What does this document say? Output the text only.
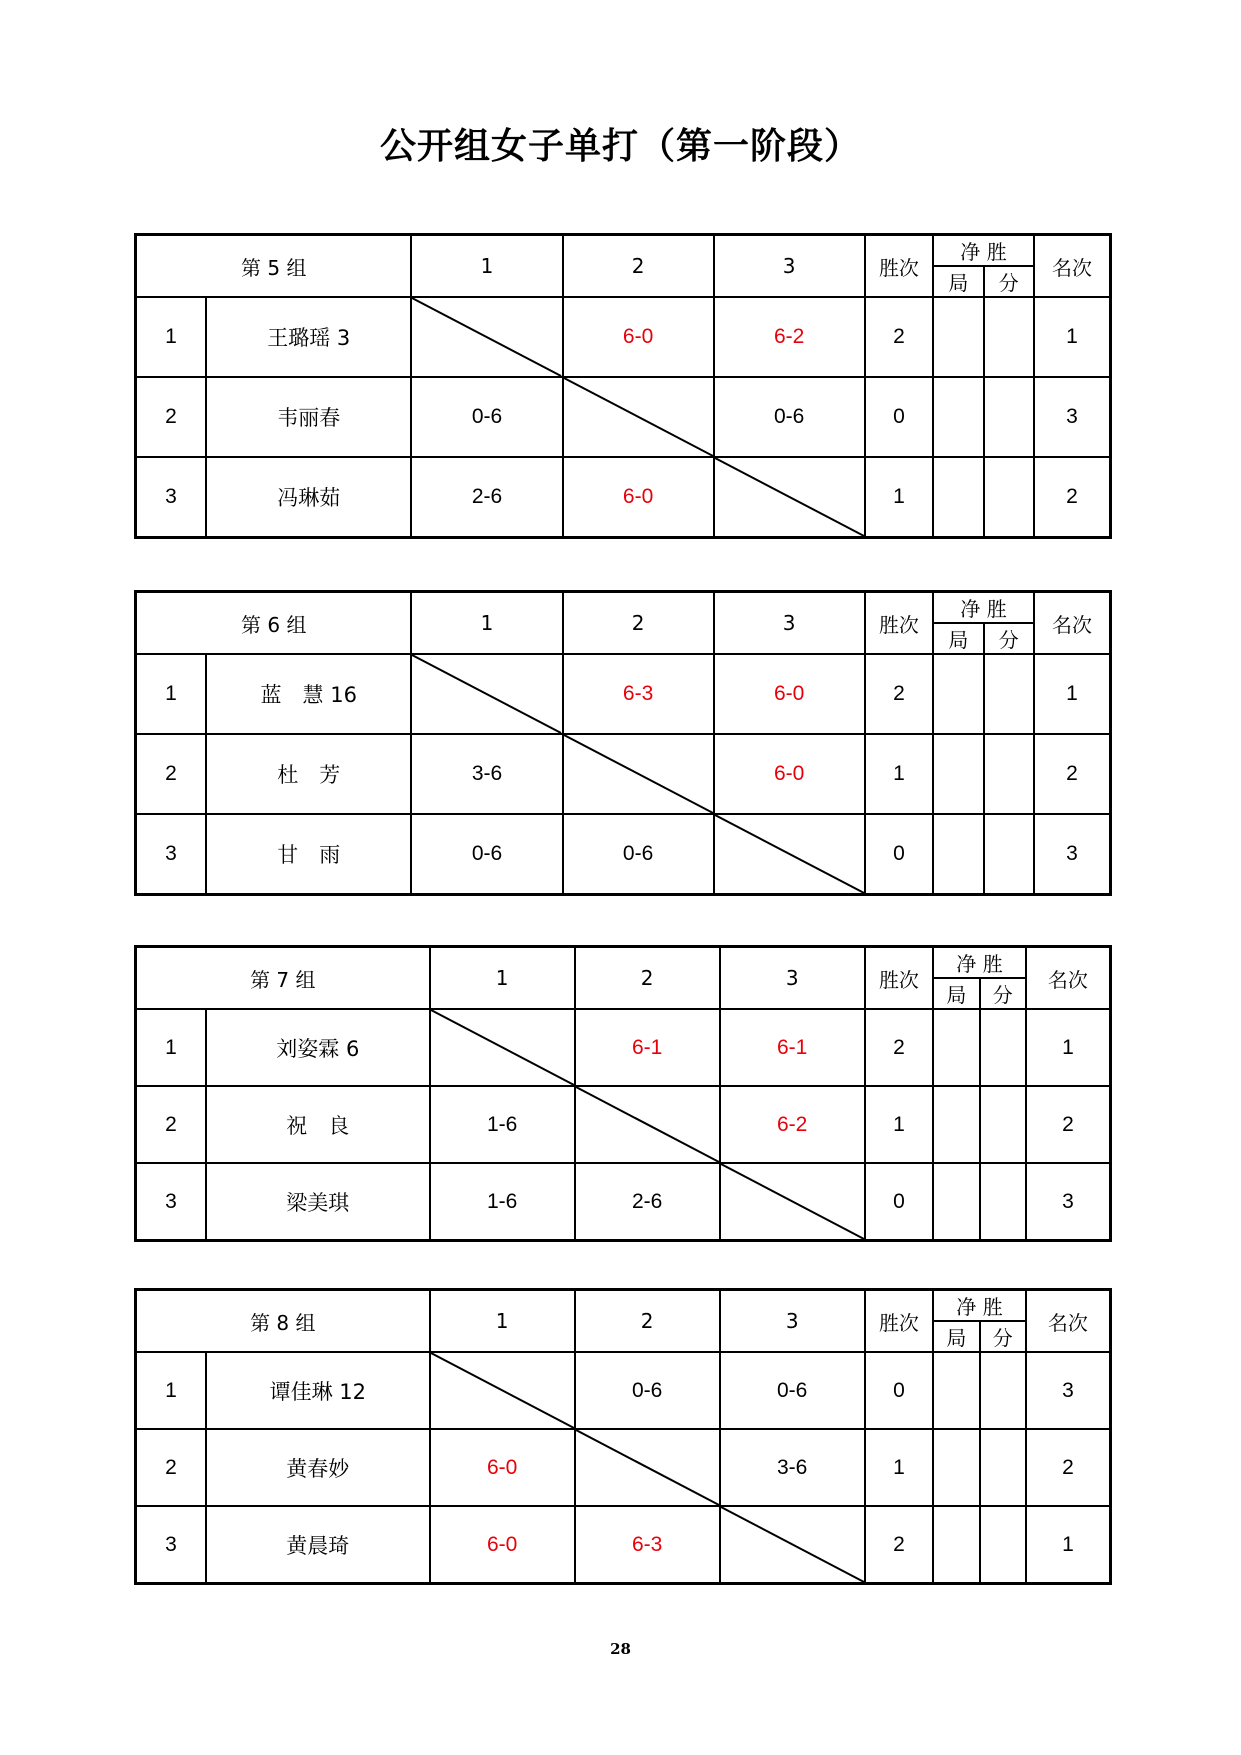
公开组女子单打（第一阶段）
第 5 组		1	2	3	胜次	净 胜		名次
						局	分	
1	王璐瑶 3		6-0	6-2	2			1
2	韦丽春	0-6		0-6	0			3
3	冯琳茹	2-6	6-0		1			2
第 6 组		1	2	3	胜次	净 胜		名次
						局	分	
1	蓝　慧 16		6-3	6-0	2			1
2	杜　芳	3-6		6-0	1			2
3	甘　雨	0-6	0-6		0			3
第 7 组		1	2	3	胜次	净 胜		名次
						局	分	
1	刘姿霖 6		6-1	6-1	2			1
2	祝　良	1-6		6-2	1			2
3	梁美琪	1-6	2-6		0			3
第 8 组		1	2	3	胜次	净 胜		名次
						局	分	
1	谭佳琳 12		0-6	0-6	0			3
2	黄春妙	6-0		3-6	1			2
3	黄晨琦	6-0	6-3		2			1
28
